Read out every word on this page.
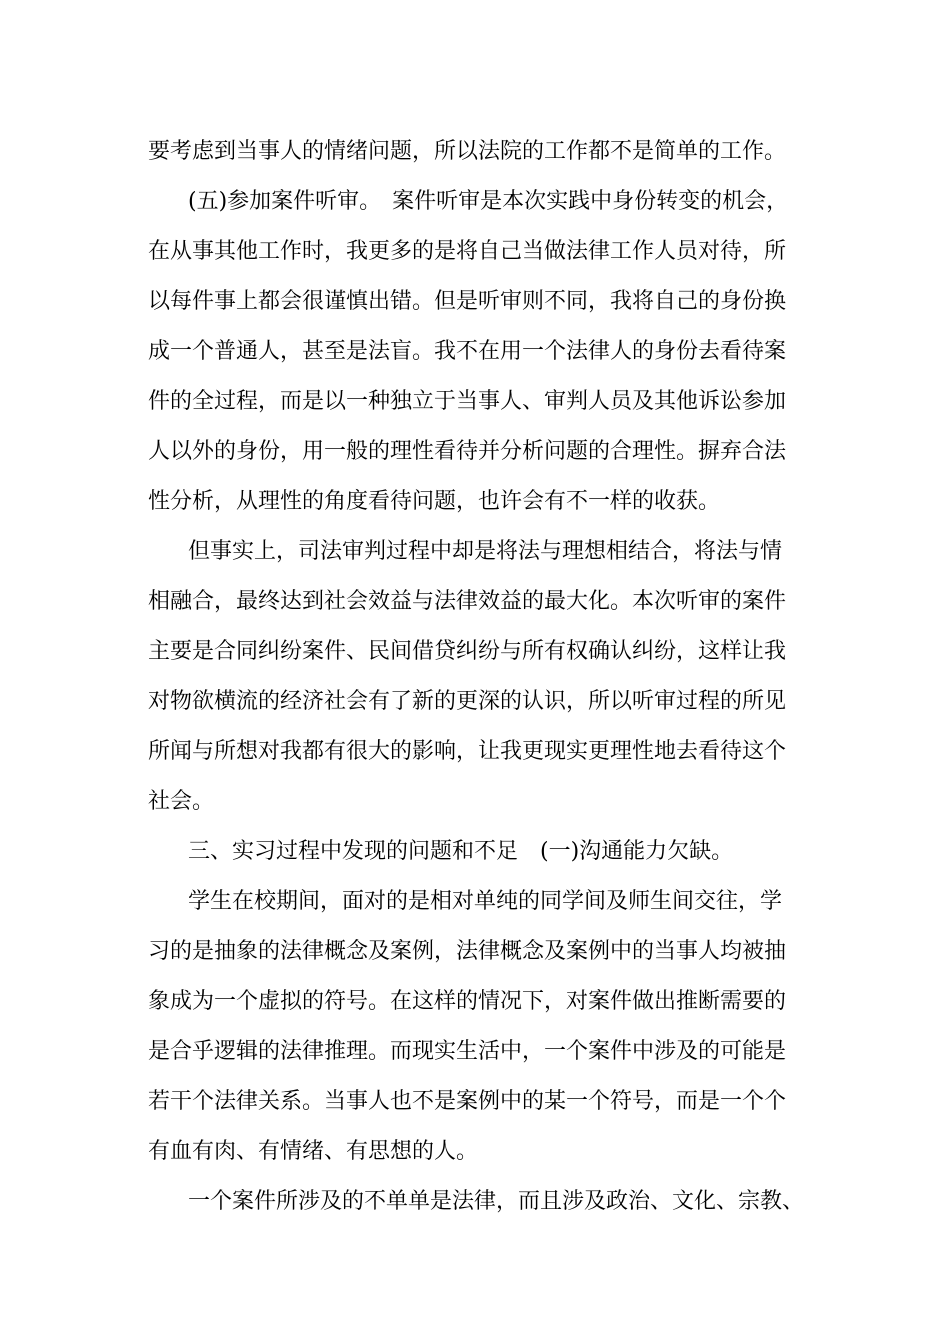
要考虑到当事人的情绪问题，所以法院的工作都不是简单的工作。
(五)参加案件听审。　案件听审是本次实践中身份转变的机会，
在从事其他工作时，我更多的是将自己当做法律工作人员对待，所
以每件事上都会很谨慎出错。但是听审则不同，我将自己的身份换
成一个普通人，甚至是法盲。我不在用一个法律人的身份去看待案
件的全过程，而是以一种独立于当事人、审判人员及其他诉讼参加
人以外的身份，用一般的理性看待并分析问题的合理性。摒弃合法
性分析，从理性的角度看待问题，也许会有不一样的收获。
但事实上，司法审判过程中却是将法与理想相结合，将法与情
相融合，最终达到社会效益与法律效益的最大化。本次听审的案件
主要是合同纠纷案件、民间借贷纠纷与所有权确认纠纷，这样让我
对物欲横流的经济社会有了新的更深的认识，所以听审过程的所见
所闻与所想对我都有很大的影响，让我更现实更理性地去看待这个
社会。
三、实习过程中发现的问题和不足　(一)沟通能力欠缺。
学生在校期间，面对的是相对单纯的同学间及师生间交往，学
习的是抽象的法律概念及案例，法律概念及案例中的当事人均被抽
象成为一个虚拟的符号。在这样的情况下，对案件做出推断需要的
是合乎逻辑的法律推理。而现实生活中，一个案件中涉及的可能是
若干个法律关系。当事人也不是案例中的某一个符号，而是一个个
有血有肉、有情绪、有思想的人。
一个案件所涉及的不单单是法律，而且涉及政治、文化、宗教、
